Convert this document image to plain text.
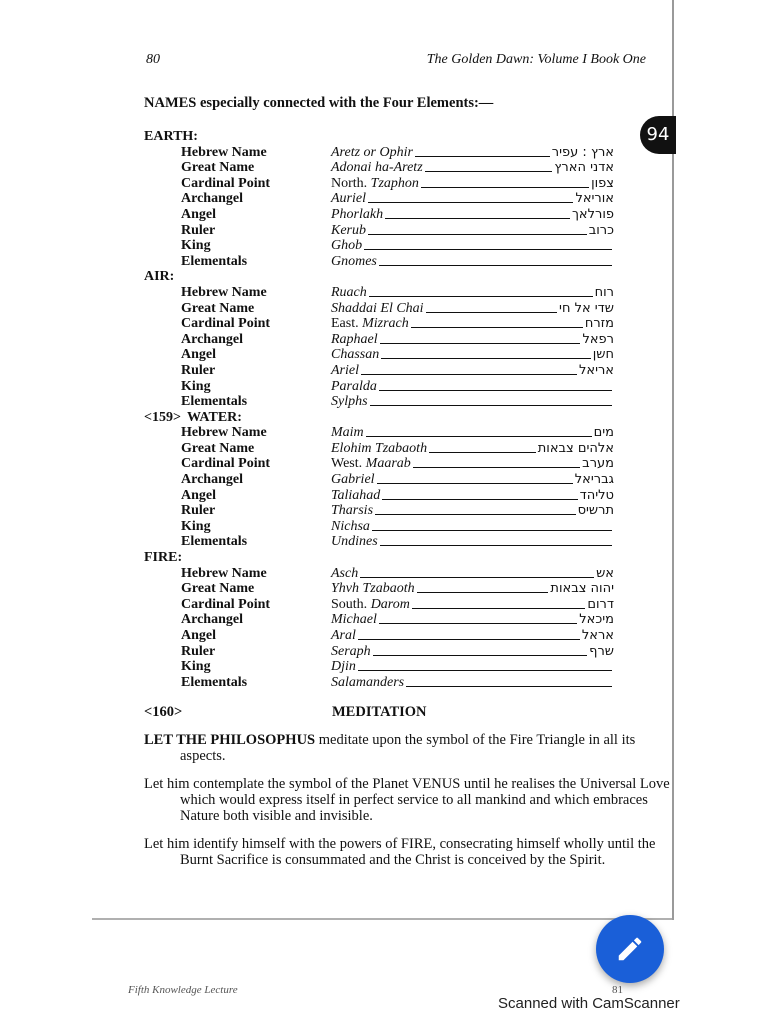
80	The Golden Dawn: Volume I Book One
NAMES especially connected with the Four Elements:—
EARTH:
Hebrew Name	Aretz or Ophir	ארץ : עפיר
Great Name	Adonai ha-Aretz	אדני הארץ
Cardinal Point	North. Tzaphon	צפון
Archangel	Auriel	אוריאל
Angel	Phorlakh	פורלאך
Ruler	Kerub	כרוב
King	Ghob
Elementals	Gnomes
AIR:
Hebrew Name	Ruach	רוח
Great Name	Shaddai El Chai	שדי אל חי
Cardinal Point	East. Mizrach	מזרח
Archangel	Raphael	רפאל
Angel	Chassan	חשן
Ruler	Ariel	אריאל
King	Paralda
Elementals	Sylphs
<159> WATER:
Hebrew Name	Maim	מים
Great Name	Elohim Tzabaoth	אלהים צבאות
Cardinal Point	West. Maarab	מערב
Archangel	Gabriel	גבריאל
Angel	Taliahad	טליהד
Ruler	Tharsis	תרשיס
King	Nichsa
Elementals	Undines
FIRE:
Hebrew Name	Asch	אש
Great Name	Yhvh Tzabaoth	יהוה צבאות
Cardinal Point	South. Darom	דרום
Archangel	Michael	מיכאל
Angel	Aral	אראל
Ruler	Seraph	שרף
King	Djin
Elementals	Salamanders
<160>	MEDITATION
LET THE PHILOSOPHUS meditate upon the symbol of the Fire Triangle in all its aspects.
Let him contemplate the symbol of the Planet VENUS until he realises the Universal Love which would express itself in perfect service to all mankind and which embraces Nature both visible and invisible.
Let him identify himself with the powers of FIRE, consecrating himself wholly until the Burnt Sacrifice is consummated and the Christ is conceived by the Spirit.
94
Fifth Knowledge Lecture	81
Scanned with CamScanner
